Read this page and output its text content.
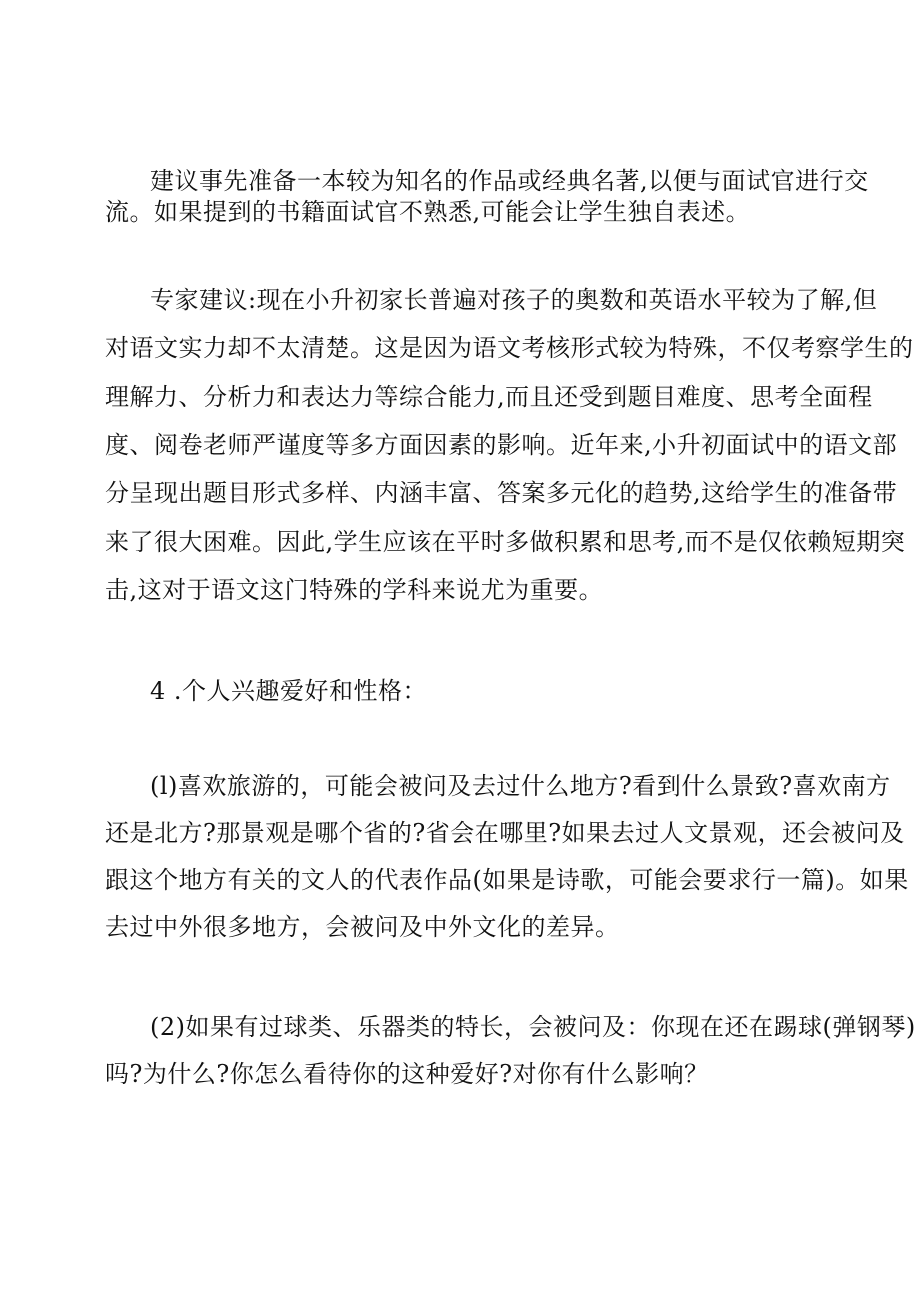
建议事先准备一本较为知名的作品或经典名著,以便与面试官进行交
流。如果提到的书籍面试官不熟悉,可能会让学生独自表述。
专家建议:现在小升初家长普遍对孩子的奥数和英语水平较为了解,但
对语文实力却不太清楚。这是因为语文考核形式较为特殊，不仅考察学生的
理解力、分析力和表达力等综合能力,而且还受到题目难度、思考全面程
度、阅卷老师严谨度等多方面因素的影响。近年来,小升初面试中的语文部
分呈现出题目形式多样、内涵丰富、答案多元化的趋势,这给学生的准备带
来了很大困难。因此,学生应该在平时多做积累和思考,而不是仅依赖短期突
击,这对于语文这门特殊的学科来说尤为重要。
4 .个人兴趣爱好和性格：
(l)喜欢旅游的，可能会被问及去过什么地方?看到什么景致?喜欢南方
还是北方?那景观是哪个省的?省会在哪里?如果去过人文景观，还会被问及
跟这个地方有关的文人的代表作品(如果是诗歌，可能会要求行一篇)。如果
去过中外很多地方，会被问及中外文化的差异。
(2)如果有过球类、乐器类的特长，会被问及：你现在还在踢球(弹钢琴)
吗?为什么?你怎么看待你的这种爱好?对你有什么影响？
